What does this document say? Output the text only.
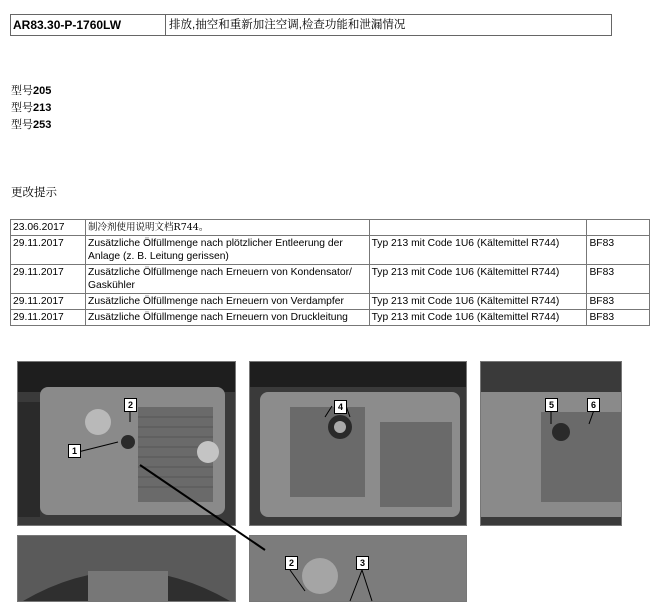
AR83.30-P-1760LW	排放,抽空和重新加注空调,检查功能和泄漏情况
型号205
型号213
型号253
更改提示
23.06.2017	制冷剂使用说明文档R744。		
29.11.2017	Zusätzliche Ölfüllmenge nach plötzlicher Entleerung der Anlage (z. B. Leitung gerissen)	Typ 213 mit Code 1U6 (Kältemittel R744)	BF83
29.11.2017	Zusätzliche Ölfüllmenge nach Erneuern von Kondensator/ Gaskühler	Typ 213 mit Code 1U6 (Kältemittel R744)	BF83
29.11.2017	Zusätzliche Ölfüllmenge nach Erneuern von Verdampfer	Typ 213 mit Code 1U6 (Kältemittel R744)	BF83
29.11.2017	Zusätzliche Ölfüllmenge nach Erneuern von Druckleitung	Typ 213 mit Code 1U6 (Kältemittel R744)	BF83
1
2	4	5	6
2	3
